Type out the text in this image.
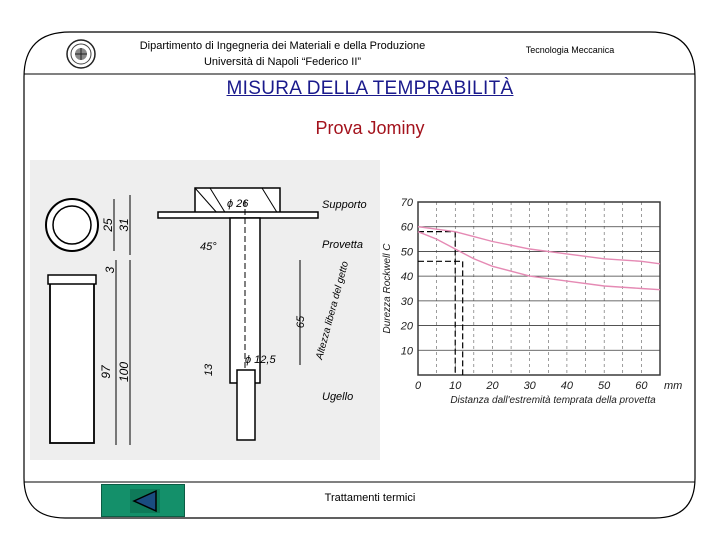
Dipartimento di Ingegneria dei Materiali e della Produzione
Università di Napoli “Federico II”
Tecnologia Meccanica
MISURA DELLA TEMPRABILITÀ
Prova Jominy
25 31
3
97 100
ϕ 26	Supporto
45°	Provetta
65 Altezza libera del getto
13
ϕ 12,5
Ugello
10
20
30
40
50
60
70
0	10 20 30 40 50 60 mm
Distanza dall'estremità temprata della provetta
Durezza Rockwell C
Trattamenti termici
